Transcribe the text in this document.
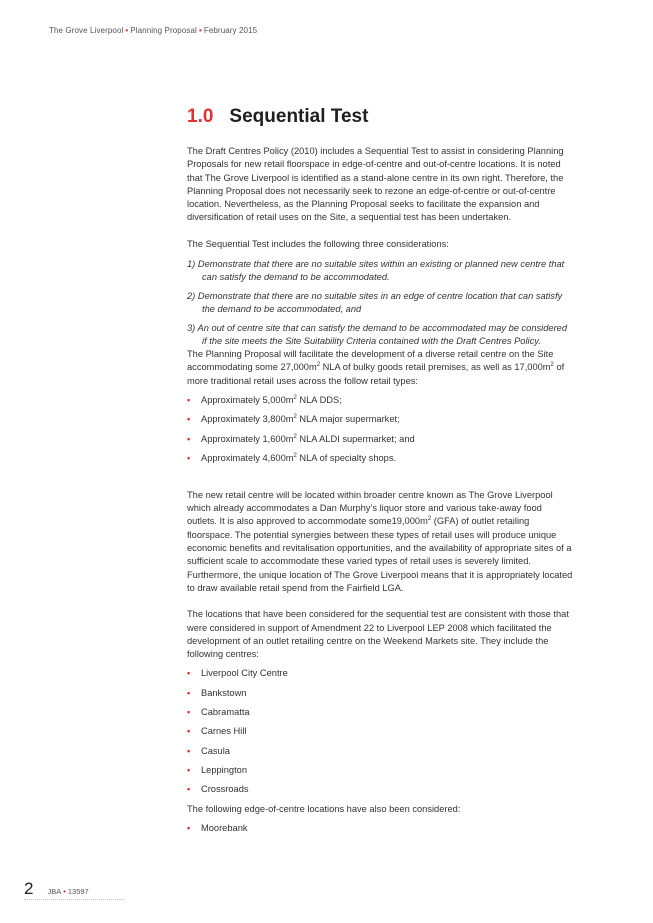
The Grove Liverpool • Planning Proposal • February 2015
1.0 Sequential Test

The Draft Centres Policy (2010) includes a Sequential Test to assist in considering Planning Proposals for new retail floorspace in edge-of-centre and out-of-centre locations. It is noted that The Grove Liverpool is identified as a stand-alone centre in its own right. Therefore, the Planning Proposal does not necessarily seek to rezone an edge-of-centre or out-of-centre location. Nevertheless, as the Planning Proposal seeks to facilitate the expansion and diversification of retail uses on the Site, a sequential test has been undertaken.

The Sequential Test includes the following three considerations:

1) Demonstrate that there are no suitable sites within an existing or planned new centre that can satisfy the demand to be accommodated.
2) Demonstrate that there are no suitable sites in an edge of centre location that can satisfy the demand to be accommodated, and
3) An out of centre site that can satisfy the demand to be accommodated may be considered if the site meets the Site Suitability Criteria contained with the Draft Centres Policy.

The Planning Proposal will facilitate the development of a diverse retail centre on the Site accommodating some $27,000m^2$ NLA of bulky goods retail premises, as well as $17,000m^2$ of more traditional retail uses across the follow retail types:

• Approximately $5,000m^2$ NLA DDS;
• Approximately $3,800m^2$ NLA major supermarket;
• Approximately $1,600m^2$ NLA ALDI supermarket; and
• Approximately $4,600m^2$ NLA of specialty shops.

The new retail centre will be located within broader centre known as The Grove Liverpool which already accommodates a Dan Murphy’s liquor store and various take-away food outlets. It is also approved to accommodate $some19,000m^2$ (GFA) of outlet retailing floorspace. The potential synergies between these types of retail uses will produce unique economic benefits and revitalisation opportunities, and the availability of appropriate sites of a sufficient scale to accommodate these varied types of retail uses is severely limited. Furthermore, the unique location of The Grove Liverpool means that it is appropriately located to draw available retail spend from the Fairfield LGA.

The locations that have been considered for the sequential test are consistent with those that were considered in support of Amendment 22 to Liverpool LEP 2008 which facilitated the development of an outlet retailing centre on the Weekend Markets site. They include the following centres:

• Liverpool City Centre
• Bankstown
• Cabramatta
• Carnes Hill
• Casula
• Leppington
• Crossroads

The following edge-of-centre locations have also been considered:

• Moorebank
2 JBA • 13597
